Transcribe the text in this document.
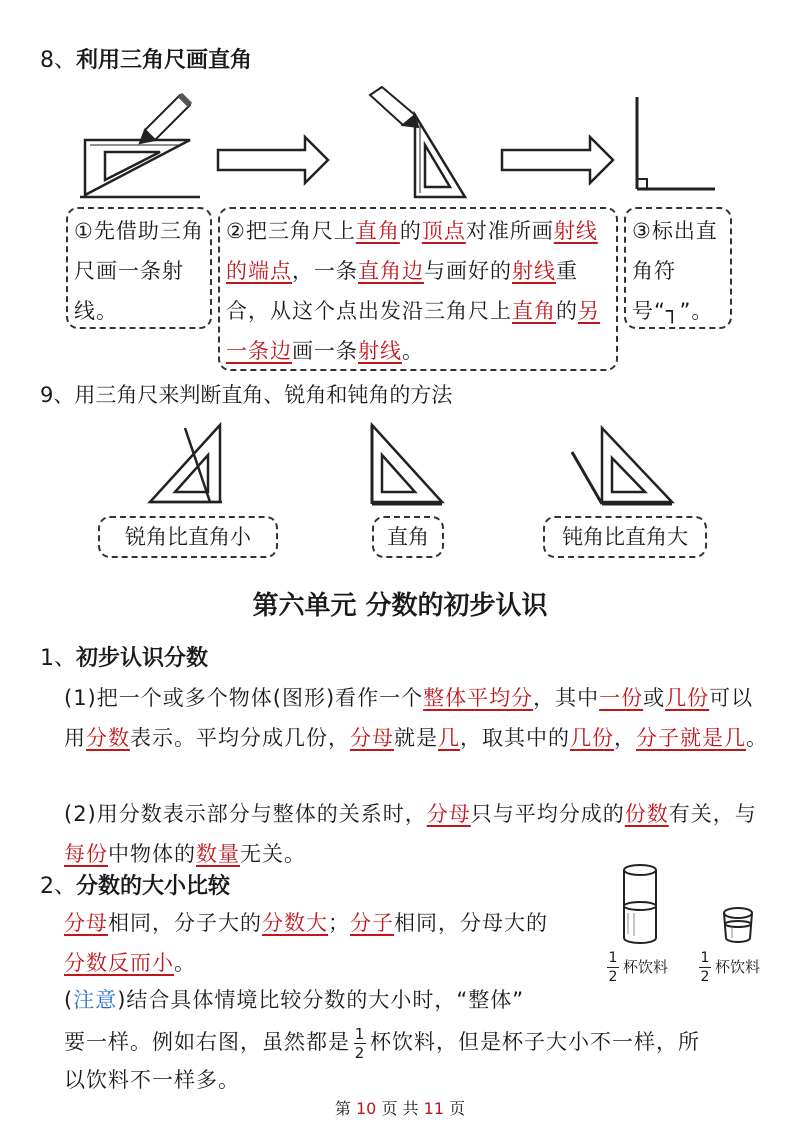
8、利用三角尺画直角
①先借助三角尺画一条射线。
②把三角尺上直角的顶点对准所画射线的端点，一条直角边与画好的射线重合，从这个点出发沿三角尺上直角的另一条边画一条射线。
③标出直角符号“┐”。
9、用三角尺来判断直角、锐角和钝角的方法
锐角比直角小	直角	钝角比直角大
第六单元 分数的初步认识
1、初步认识分数
(1)把一个或多个物体(图形)看作一个整体平均分，其中一份或几份可以用分数表示。平均分成几份，分母就是几，取其中的几份，分子就是几。
(2)用分数表示部分与整体的关系时，分母只与平均分成的份数有关，与每份中物体的数量无关。
2、分数的大小比较
分母相同，分子大的分数大；分子相同，分母大的
分数反而小。
(注意)结合具体情境比较分数的大小时，“整体”
要一样。例如右图，虽然都是 $\frac{1}{2}$ 杯饮料，但是杯子大小不一样，所
以饮料不一样多。
$\frac{1}{2}$ 杯饮料 $\frac{1}{2}$ 杯饮料
第 10 页 共 11 页
